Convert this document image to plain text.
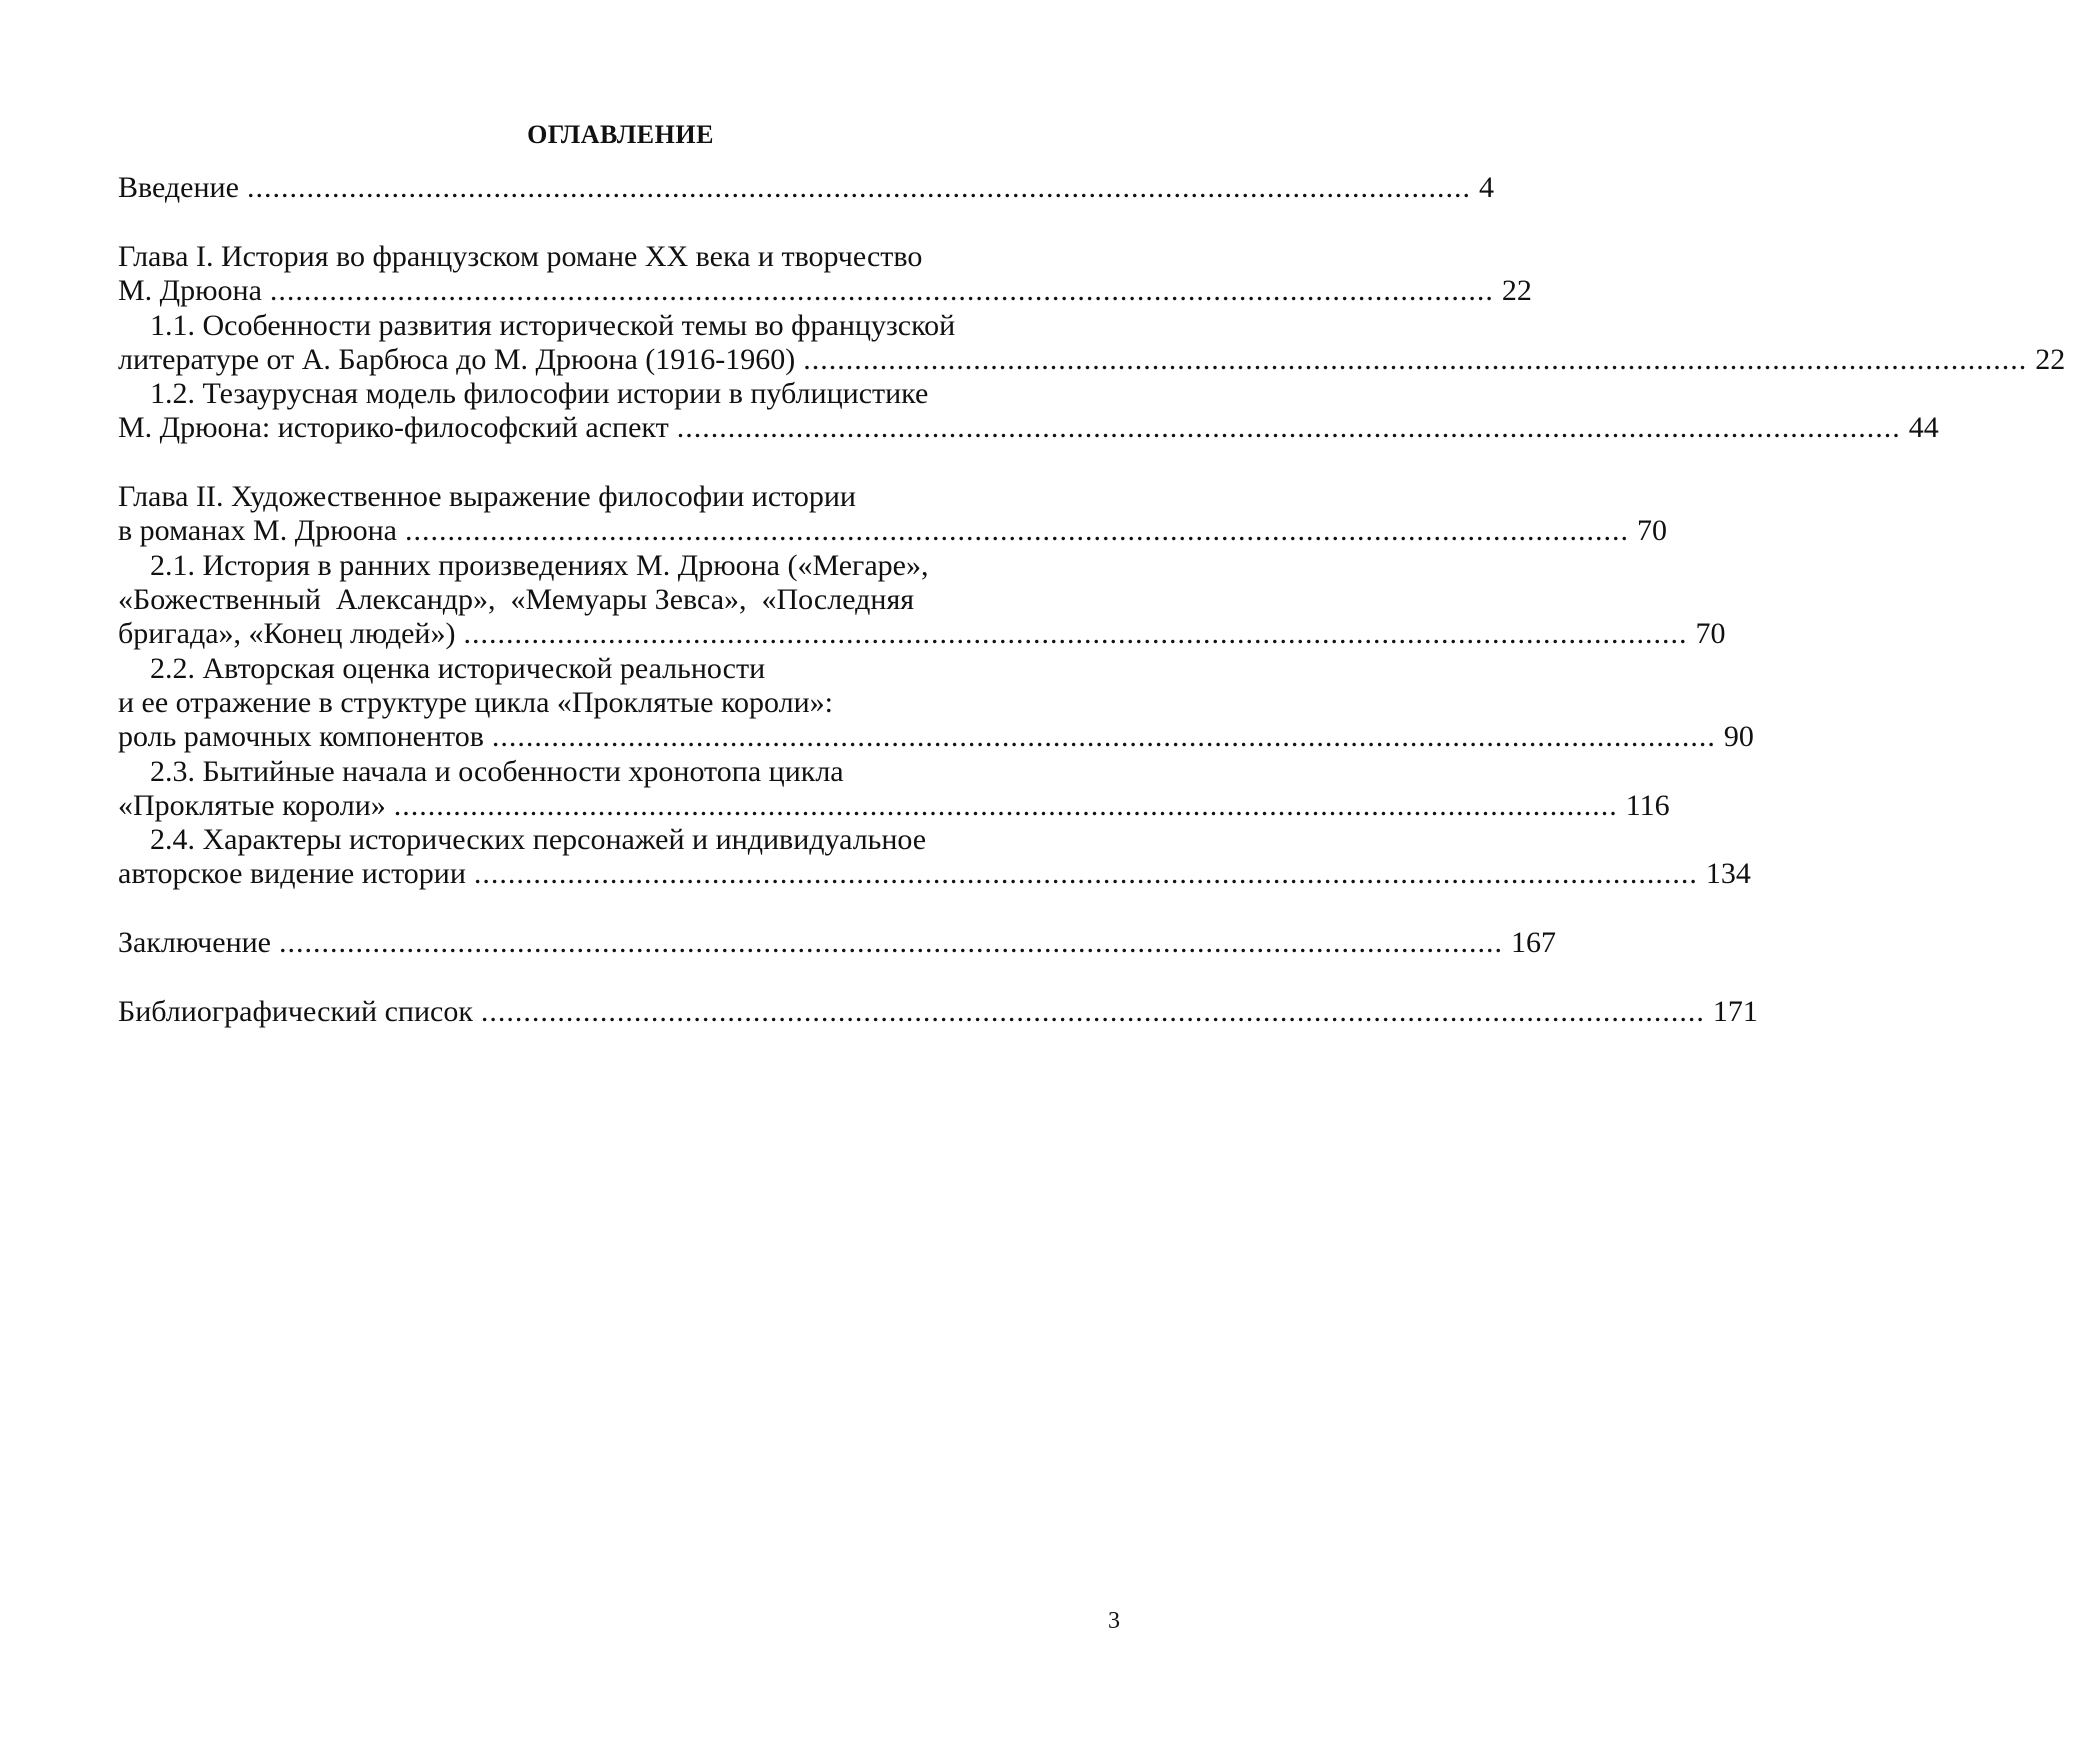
ОГЛАВЛЕНИЕ
Введение ................................................................................................................................................ 4
Глава I. История во французском романе XX века и творчество
М. Дрюона ................................................................................................................................................ 22
1.1. Особенности развития исторической темы во французской
литературе от А. Барбюса до М. Дрюона (1916-1960) ................................................................................................................................................ 22
1.2. Тезаурусная модель философии истории в публицистике
М. Дрюона: историко-философский аспект ................................................................................................................................................ 44
Глава II. Художественное выражение философии истории
в романах М. Дрюона ................................................................................................................................................ 70
2.1. История в ранних произведениях М. Дрюона («Мегаре»,
«Божественный  Александр»,  «Мемуары Зевса»,  «Последняя
бригада», «Конец людей») ................................................................................................................................................ 70
2.2. Авторская оценка исторической реальности
и ее отражение в структуре цикла «Проклятые короли»:
роль рамочных компонентов ................................................................................................................................................ 90
2.3. Бытийные начала и особенности хронотопа цикла
«Проклятые короли» ................................................................................................................................................ 116
2.4. Характеры исторических персонажей и индивидуальное
авторское видение истории ................................................................................................................................................ 134
Заключение ................................................................................................................................................ 167
Библиографический список ................................................................................................................................................ 171
3
